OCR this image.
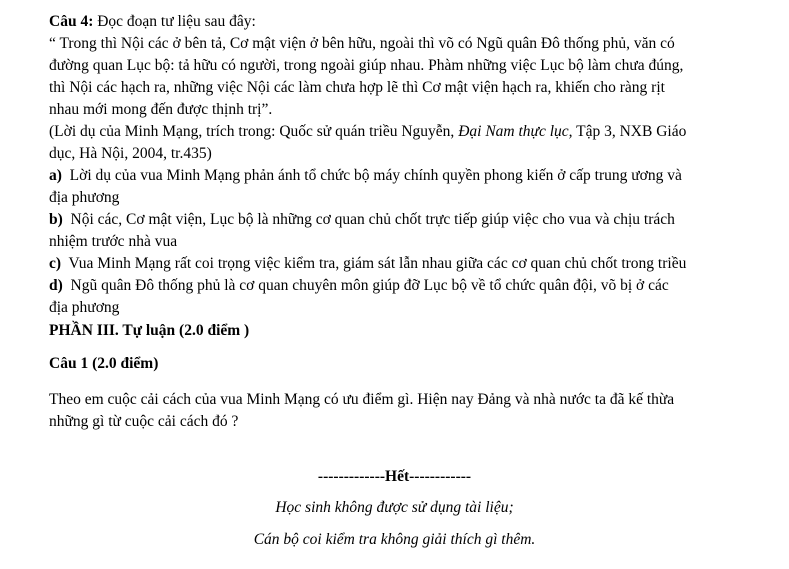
Câu 4: Đọc đoạn tư liệu sau đây:
“ Trong thì Nội các ở bên tả, Cơ mật viện ở bên hữu, ngoài thì võ có Ngũ quân Đô thống phủ, văn có
đường quan Lục bộ: tả hữu có người, trong ngoài giúp nhau. Phàm những việc Lục bộ làm chưa đúng,
thì Nội các hạch ra, những việc Nội các làm chưa hợp lẽ thì Cơ mật viện hạch ra, khiến cho ràng rịt
nhau mới mong đến được thịnh trị”.
(Lời dụ của Minh Mạng, trích trong: Quốc sử quán triều Nguyễn, Đại Nam thực lục, Tập 3, NXB Giáo
dục, Hà Nội, 2004, tr.435)
a)  Lời dụ của vua Minh Mạng phản ánh tổ chức bộ máy chính quyền phong kiến ở cấp trung ương và
địa phương
b)  Nội các, Cơ mật viện, Lục bộ là những cơ quan chủ chốt trực tiếp giúp việc cho vua và chịu trách
nhiệm trước nhà vua
c)  Vua Minh Mạng rất coi trọng việc kiểm tra, giám sát lẫn nhau giữa các cơ quan chủ chốt trong triều
d)  Ngũ quân Đô thống phủ là cơ quan chuyên môn giúp đỡ Lục bộ về tổ chức quân đội, võ bị ở các
địa phương
PHẦN III. Tự luận (2.0 điểm )
Câu 1 (2.0 điểm)
Theo em cuộc cải cách của vua Minh Mạng có ưu điểm gì. Hiện nay Đảng và nhà nước ta đã kế thừa
những gì từ cuộc cải cách đó ?
-------------Hết------------
Học sinh không được sử dụng tài liệu;
Cán bộ coi kiểm tra không giải thích gì thêm.
